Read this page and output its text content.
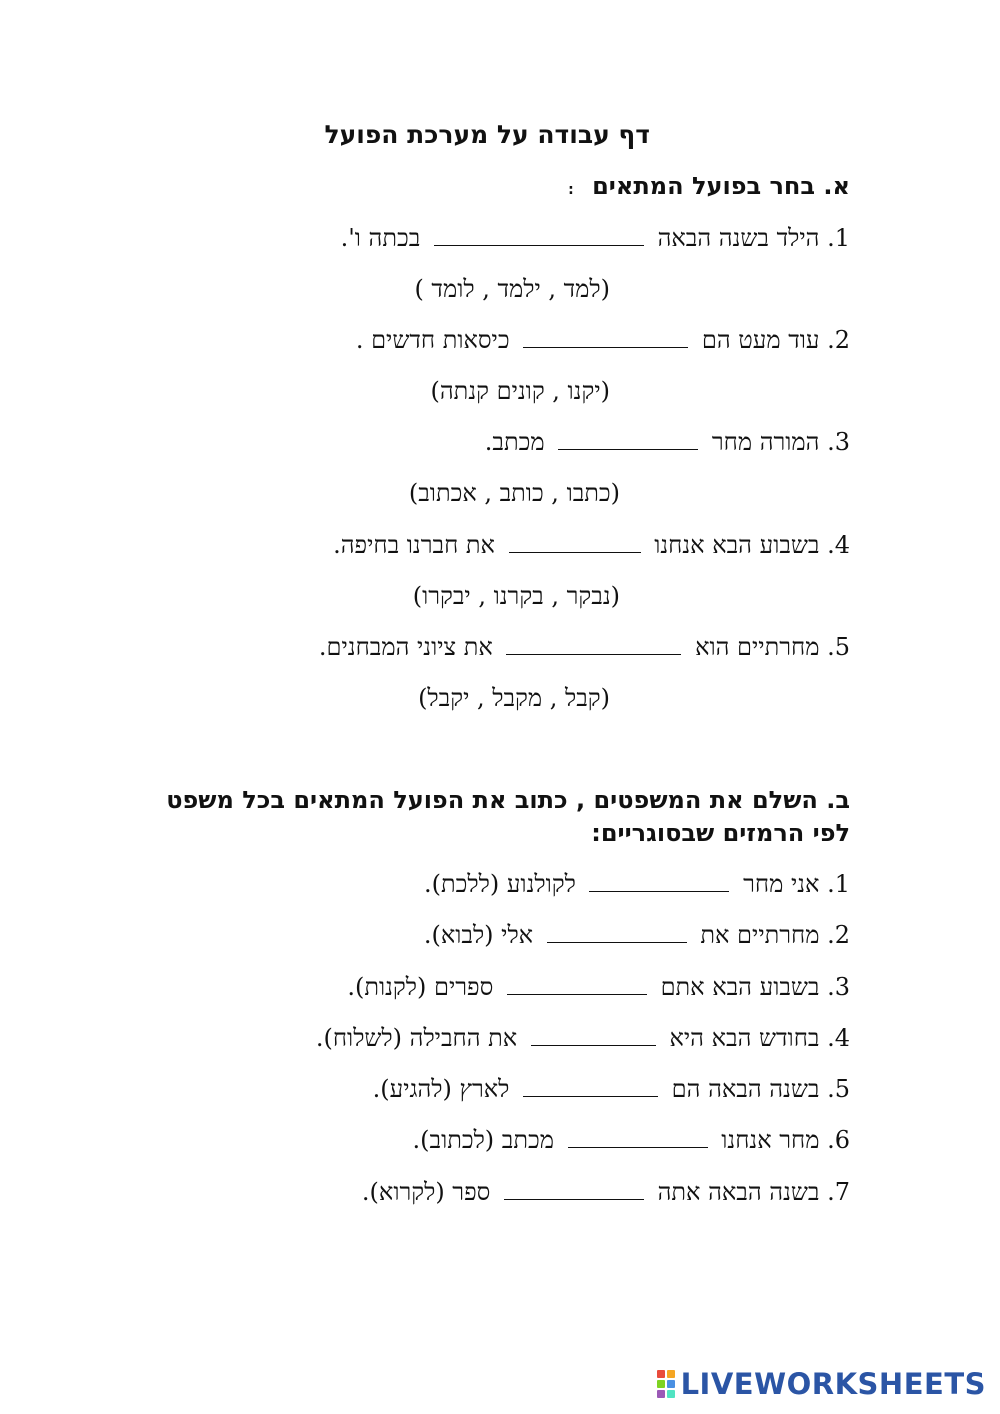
דף עבודה על מערכת הפועל
א. בחר בפועל המתאים :
1. הילד בשנה הבאה  בכתה ו'.
(למד , ילמד , לומד )
2. עוד מעט הם  כיסאות חדשים .
(יקנו , קונים קנתה)
3. המורה מחר  מכתב.
(כתבו , כותב , אכתוב)
4. בשבוע הבא אנחנו  את חברנו בחיפה.
(נבקר , בקרנו , יבקרו)
5. מחרתיים הוא  את ציוני המבחנים.
(קבל , מקבל , יקבל)
ב. השלם את המשפטים , כתוב את הפועל המתאים בכל משפט
לפי הרמזים שבסוגריים:
1. אני מחר  לקולנוע (ללכת).
2. מחרתיים את  אלי (לבוא).
3. בשבוע הבא אתם  ספרים (לקנות).
4. בחודש הבא היא  את החבילה (לשלוח).
5. בשנה הבאה הם  לארץ (להגיע).
6. מחר אנחנו  מכתב (לכתוב).
7. בשנה הבאה אתה  ספר (לקרוא).
LIVEWORKSHEETS
